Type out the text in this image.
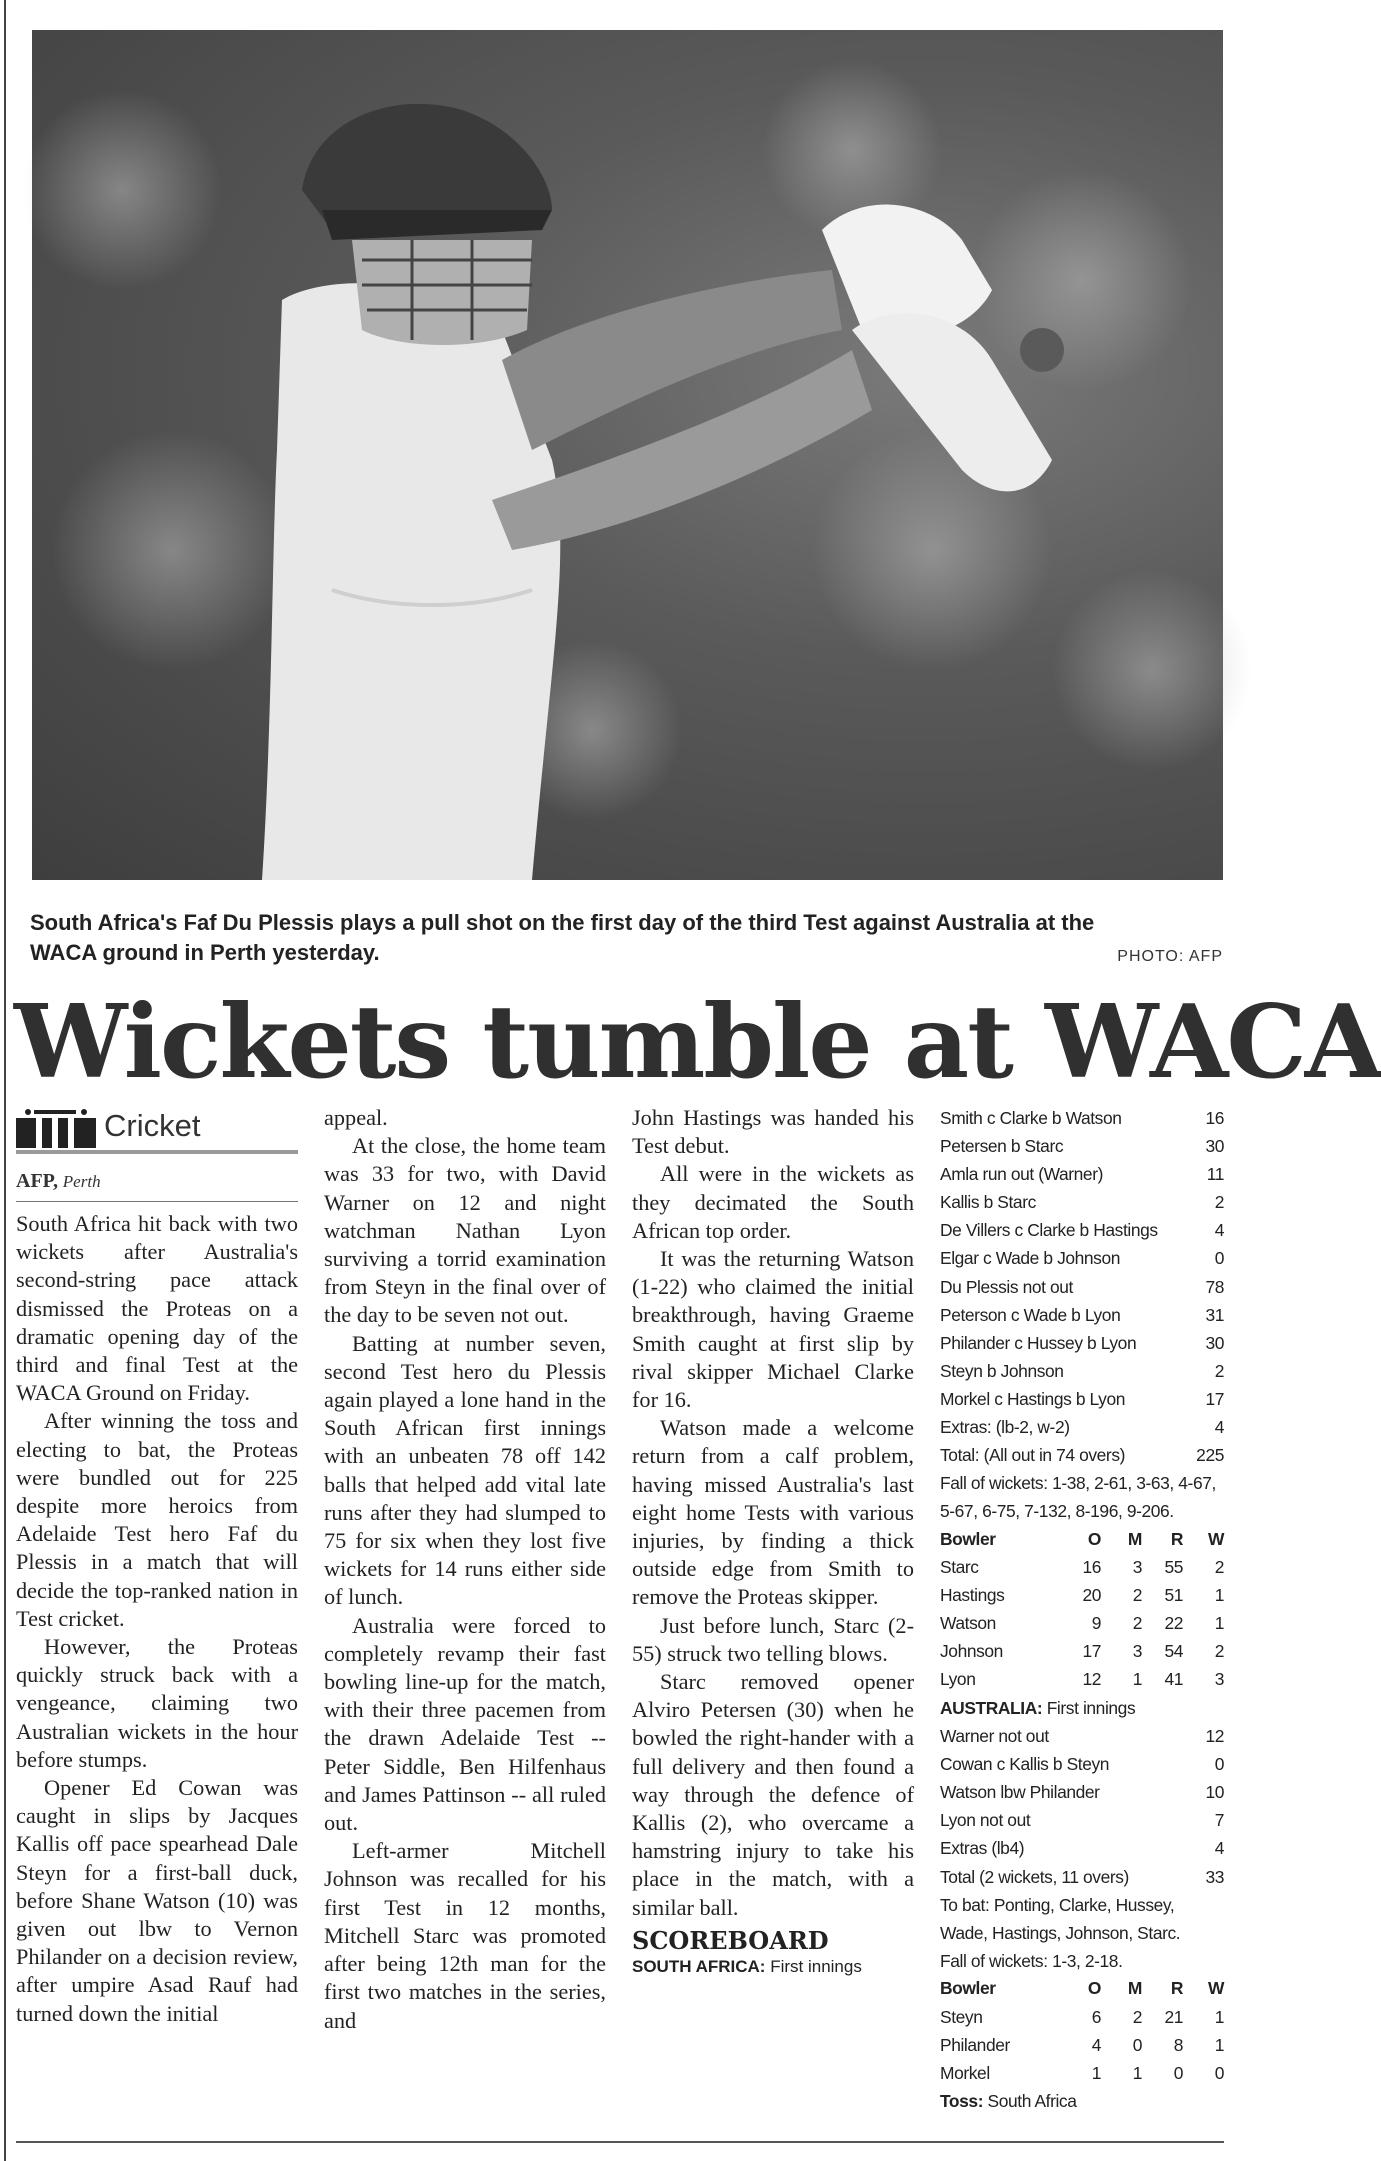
South Africa's Faf Du Plessis plays a pull shot on the first day of the third Test against Australia at the WACA ground in Perth yesterday.	PHOTO: AFP
Wickets tumble at WACA
Cricket
AFP, Perth

South Africa hit back with two wickets after Australia's second-string pace attack dismissed the Proteas on a dramatic opening day of the third and final Test at the WACA Ground on Friday.

After winning the toss and electing to bat, the Proteas were bundled out for 225 despite more heroics from Adelaide Test hero Faf du Plessis in a match that will decide the top-ranked nation in Test cricket.

However, the Proteas quickly struck back with a vengeance, claiming two Australian wickets in the hour before stumps.

Opener Ed Cowan was caught in slips by Jacques Kallis off pace spearhead Dale Steyn for a first-ball duck, before Shane Watson (10) was given out lbw to Vernon Philander on a decision review, after umpire Asad Rauf had turned down the initial

appeal.

At the close, the home team was 33 for two, with David Warner on 12 and night watchman Nathan Lyon surviving a torrid examination from Steyn in the final over of the day to be seven not out.

Batting at number seven, second Test hero du Plessis again played a lone hand in the South African first innings with an unbeaten 78 off 142 balls that helped add vital late runs after they had slumped to 75 for six when they lost five wickets for 14 runs either side of lunch.

Australia were forced to completely revamp their fast bowling line-up for the match, with their three pacemen from the drawn Adelaide Test -- Peter Siddle, Ben Hilfenhaus and James Pattinson -- all ruled out.

Left-armer Mitchell Johnson was recalled for his first Test in 12 months, Mitchell Starc was promoted after being 12th man for the first two matches in the series, and

John Hastings was handed his Test debut.

All were in the wickets as they decimated the South African top order.

It was the returning Watson (1-22) who claimed the initial breakthrough, having Graeme Smith caught at first slip by rival skipper Michael Clarke for 16.

Watson made a welcome return from a calf problem, having missed Australia's last eight home Tests with various injuries, by finding a thick outside edge from Smith to remove the Proteas skipper.

Just before lunch, Starc (2-55) struck two telling blows.

Starc removed opener Alviro Petersen (30) when he bowled the right-hander with a full delivery and then found a way through the defence of Kallis (2), who overcame a hamstring injury to take his place in the match, with a similar ball.

SCOREBOARD
SOUTH AFRICA: First innings
Smith c Clarke b Watson	16
Petersen b Starc	30
Amla run out (Warner)	11
Kallis b Starc	2
De Villers c Clarke b Hastings	4
Elgar c Wade b Johnson	0
Du Plessis not out	78
Peterson c Wade b Lyon	31
Philander c Hussey b Lyon	30
Steyn b Johnson	2
Morkel c Hastings b Lyon	17
Extras: (lb-2, w-2)	4
Total: (All out in 74 overs)	225
Fall of wickets: 1-38, 2-61, 3-63, 4-67, 5-67, 6-75, 7-132, 8-196, 9-206.
Bowler	O	M	R	W
Starc	16	3	55	2
Hastings	20	2	51	1
Watson	9	2	22	1
Johnson	17	3	54	2
Lyon	12	1	41	3
AUSTRALIA: First innings
Warner not out	12
Cowan c Kallis b Steyn	0
Watson lbw Philander	10
Lyon not out	7
Extras (lb4)	4
Total (2 wickets, 11 overs)	33
To bat: Ponting, Clarke, Hussey, Wade, Hastings, Johnson, Starc.
Fall of wickets: 1-3, 2-18.
Bowler	O	M	R	W
Steyn	6	2	21	1
Philander	4	0	8	1
Morkel	1	1	0	0
Toss: South Africa
